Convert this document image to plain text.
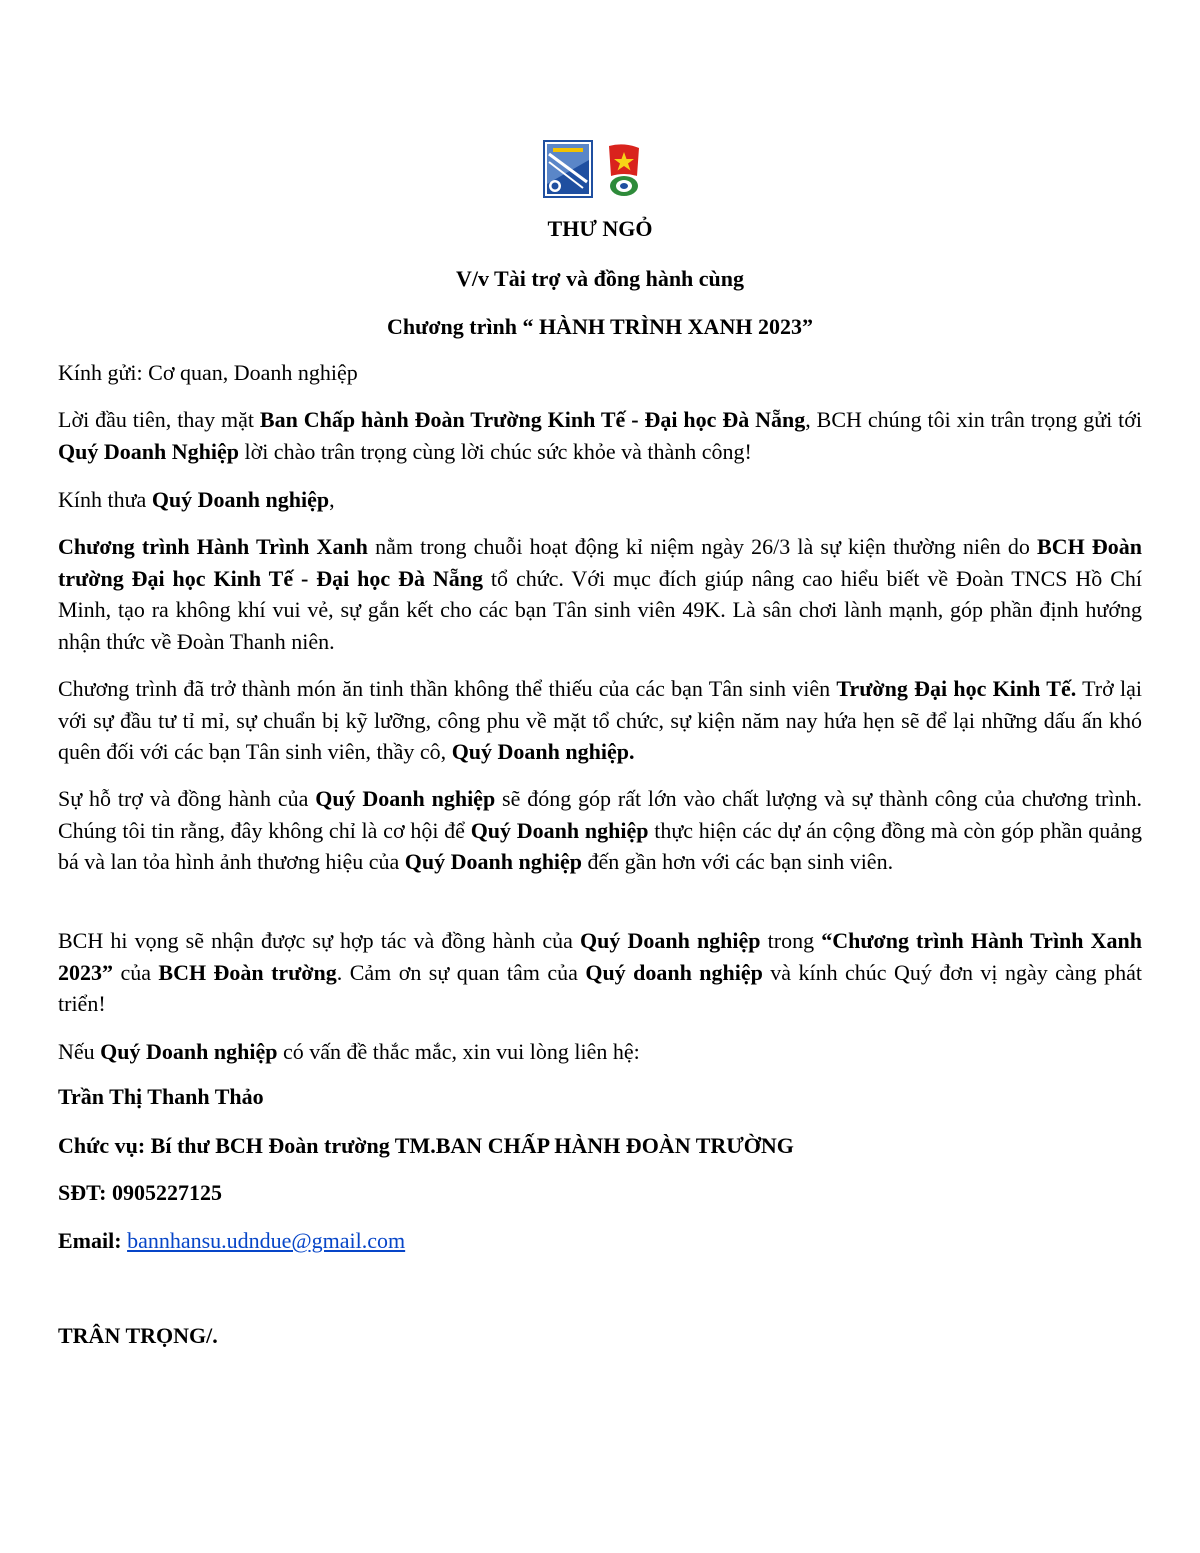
THƯ NGỎ
V/v Tài trợ và đồng hành cùng
Chương trình “ HÀNH TRÌNH XANH 2023”
Kính gửi: Cơ quan, Doanh nghiệp
Lời đầu tiên, thay mặt Ban Chấp hành Đoàn Trường Kinh Tế - Đại học Đà Nẵng, BCH chúng tôi xin trân trọng gửi tới Quý Doanh Nghiệp lời chào trân trọng cùng lời chúc sức khỏe và thành công!
Kính thưa Quý Doanh nghiệp,
Chương trình Hành Trình Xanh nằm trong chuỗi hoạt động kỉ niệm ngày 26/3 là sự kiện thường niên do BCH Đoàn trường Đại học Kinh Tế - Đại học Đà Nẵng tổ chức. Với mục đích giúp nâng cao hiểu biết về Đoàn TNCS Hồ Chí Minh, tạo ra không khí vui vẻ, sự gắn kết cho các bạn Tân sinh viên 49K. Là sân chơi lành mạnh, góp phần định hướng nhận thức về Đoàn Thanh niên.
Chương trình đã trở thành món ăn tinh thần không thể thiếu của các bạn Tân sinh viên Trường Đại học Kinh Tế. Trở lại với sự đầu tư tỉ mỉ, sự chuẩn bị kỹ lưỡng, công phu về mặt tổ chức, sự kiện năm nay hứa hẹn sẽ để lại những dấu ấn khó quên đối với các bạn Tân sinh viên, thầy cô, Quý Doanh nghiệp.
Sự hỗ trợ và đồng hành của Quý Doanh nghiệp sẽ đóng góp rất lớn vào chất lượng và sự thành công của chương trình. Chúng tôi tin rằng, đây không chỉ là cơ hội để Quý Doanh nghiệp thực hiện các dự án cộng đồng mà còn góp phần quảng bá và lan tỏa hình ảnh thương hiệu của Quý Doanh nghiệp đến gần hơn với các bạn sinh viên.
BCH hi vọng sẽ nhận được sự hợp tác và đồng hành của Quý Doanh nghiệp trong “Chương trình Hành Trình Xanh 2023” của BCH Đoàn trường. Cảm ơn sự quan tâm của Quý doanh nghiệp và kính chúc Quý đơn vị ngày càng phát triển!
Nếu Quý Doanh nghiệp có vấn đề thắc mắc, xin vui lòng liên hệ:
Trần Thị Thanh Thảo
Chức vụ: Bí thư BCH Đoàn trường TM.BAN CHẤP HÀNH ĐOÀN TRƯỜNG
SĐT: 0905227125
Email: bannhansu.udndue@gmail.com
TRÂN TRỌNG/.
